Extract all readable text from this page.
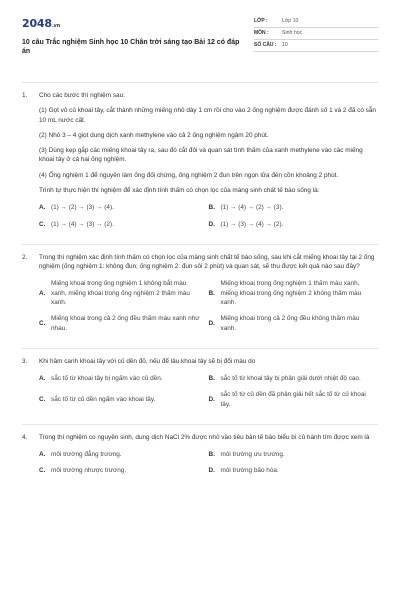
2048.vn
10 câu Trắc nghiệm Sinh học 10 Chân trời sáng tạo Bài 12 có đáp án
LỚP :	Lớp 10
MÔN :	Sinh học
SỐ CÂU :	10
1.	Cho các bước thí nghiệm sau:
(1) Gọt vỏ củ khoai tây, cắt thành những miếng nhỏ dày 1 cm rồi cho vào 2 ống nghiệm được đánh số 1 và 2 đã có sẵn 10 mL nước cất.
(2) Nhỏ 3 – 4 giọt dung dịch xanh methylene vào cả 2 ống nghiệm ngâm 20 phút.
(3) Dùng kẹp gắp các miếng khoai tây ra, sau đó cắt đôi và quan sát tình thấm của xanh methylene vào các miếng khoai tây ở cả hai ống nghiệm.
(4) Ống nghiệm 1 để nguyên làm ống đối chứng, ống nghiệm 2 đun trên ngọn lửa đèn cồn khoảng 2 phút.
Trình tự thực hiện thí nghiệm để xác định tính thấm có chọn lọc của màng sinh chất tế bào sống là:
A. (1) → (2) → (3) → (4).	B. (1) → (4) → (2) → (3).
C. (1) → (4) → (3) → (2).	D. (1) → (3) → (4) → (2).
2.	Trong thí nghiệm xác định tính thấm có chọn lọc của màng sinh chất tế bào sống, sau khi cắt miếng khoai tây tại 2 ống nghiệm (ống nghiệm 1: không đun; ống nghiệm 2: đun sôi 2 phút) và quan sát, sẽ thu được kết quả nào sau đây?
A.
Miếng khoai trong ống nghiệm 1 không bắt màu xanh, miếng khoai trong ống nghiệm 2 thấm màu xanh.
B.
Miếng khoai trong ống nghiệm 1 thấm màu xanh, miếng khoai trong ống nghiệm 2 không thấm màu xanh.
C.
Miếng khoai trong cả 2 ống đều thấm màu xanh như nhau.
D.
Miếng khoai trong cả 2 ống đều không thấm màu xanh.
3.	Khi hầm canh khoai tây với củ dền đỏ, nếu để lâu khoai tây sẽ bị đổi màu do
A. sắc tố từ khoai tây bị ngấm vào củ dền.	B. sắc tố từ khoai tây bị phân giải dưới nhiệt độ cao.
C. sắc tố từ củ dền ngấm vào khoai tây.	D.
sắc tố từ củ dền đã phân giải hết sắc tố từ củ khoai tây.
4.	Trong thí nghiệm co nguyên sinh, dung dịch NaCl 2% được nhỏ vào tiêu bản tế bào biểu bì củ hành tím được xem là
A. môi trường đẳng trương.	B. môi trường ưu trương.
C. môi trường nhược trương.	D. môi trường bão hòa.
